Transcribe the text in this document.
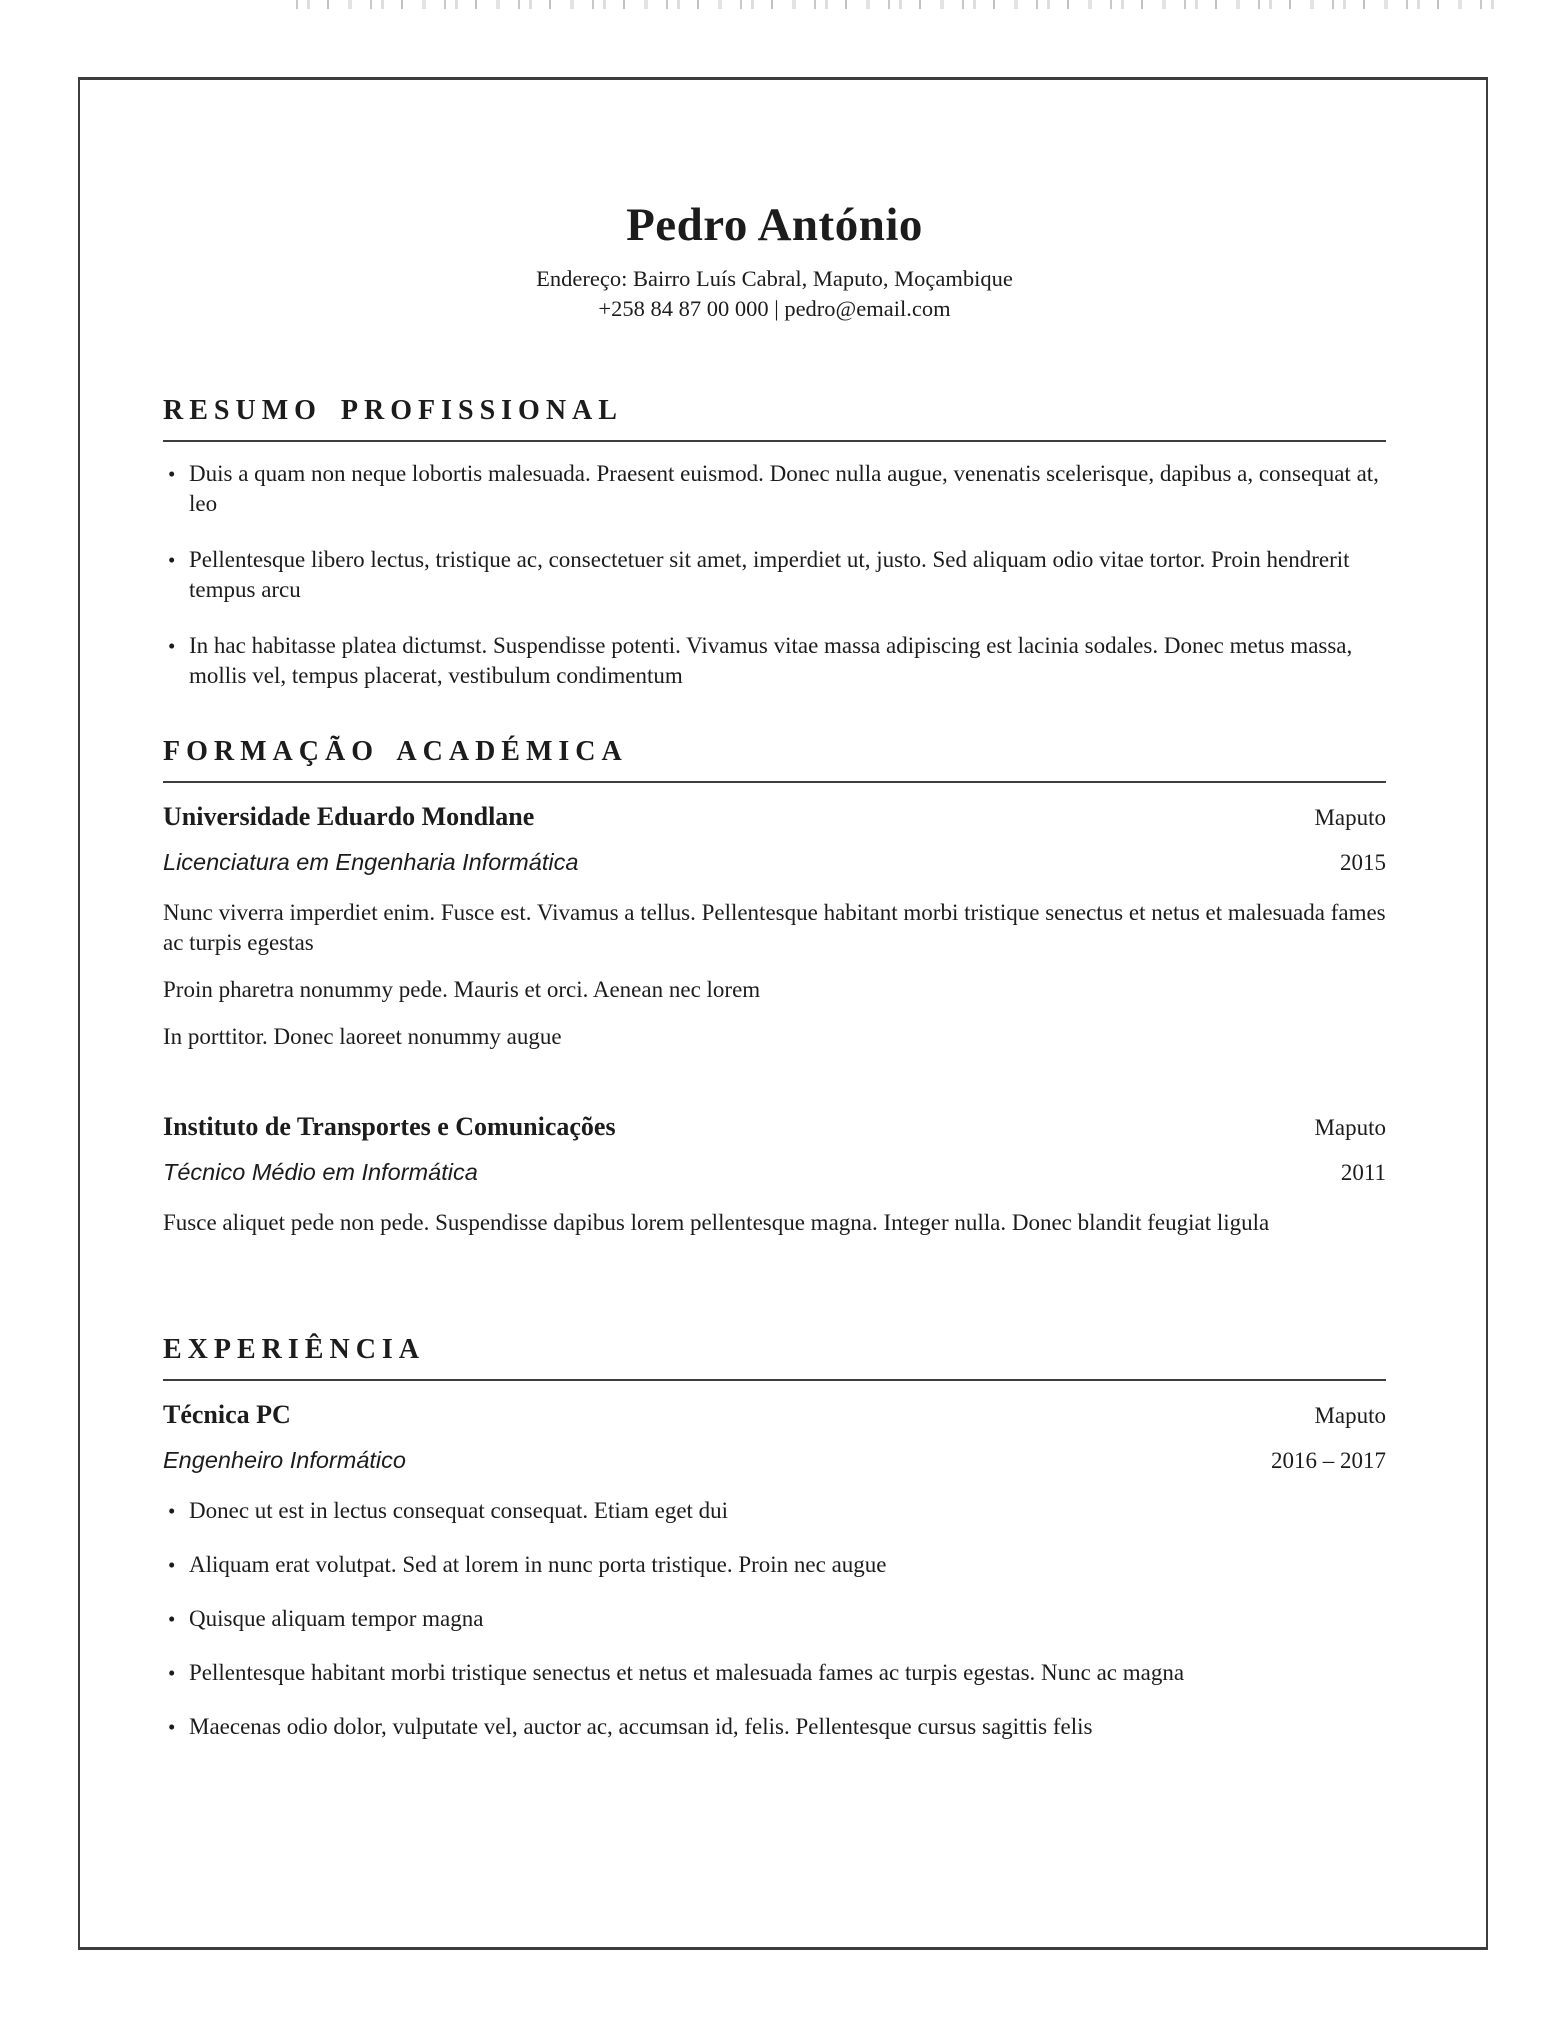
Pedro António

Endereço: Bairro Luís Cabral, Maputo, Moçambique

+258 84 87 00 000 | pedro@email.com

RESUMO PROFISSIONAL
• Duis a quam non neque lobortis malesuada. Praesent euismod. Donec nulla augue, venenatis scelerisque, dapibus a, consequat at, leo
• Pellentesque libero lectus, tristique ac, consectetuer sit amet, imperdiet ut, justo. Sed aliquam odio vitae tortor. Proin hendrerit tempus arcu
• In hac habitasse platea dictumst. Suspendisse potenti. Vivamus vitae massa adipiscing est lacinia sodales. Donec metus massa, mollis vel, tempus placerat, vestibulum condimentum
FORMAÇÃO ACADÉMICA
Universidade Eduardo Mondlane	Maputo
Licenciatura em Engenharia Informática	2015

Nunc viverra imperdiet enim. Fusce est. Vivamus a tellus. Pellentesque habitant morbi tristique senectus et netus et malesuada fames ac turpis egestas

Proin pharetra nonummy pede. Mauris et orci. Aenean nec lorem

In porttitor. Donec laoreet nonummy augue

Instituto de Transportes e Comunicações	Maputo
Técnico Médio em Informática	2011

Fusce aliquet pede non pede. Suspendisse dapibus lorem pellentesque magna. Integer nulla. Donec blandit feugiat ligula

EXPERIÊNCIA
Técnica PC	Maputo
Engenheiro Informático	2016 – 2017
• Donec ut est in lectus consequat consequat. Etiam eget dui
• Aliquam erat volutpat. Sed at lorem in nunc porta tristique. Proin nec augue
• Quisque aliquam tempor magna
• Pellentesque habitant morbi tristique senectus et netus et malesuada fames ac turpis egestas. Nunc ac magna
• Maecenas odio dolor, vulputate vel, auctor ac, accumsan id, felis. Pellentesque cursus sagittis felis
